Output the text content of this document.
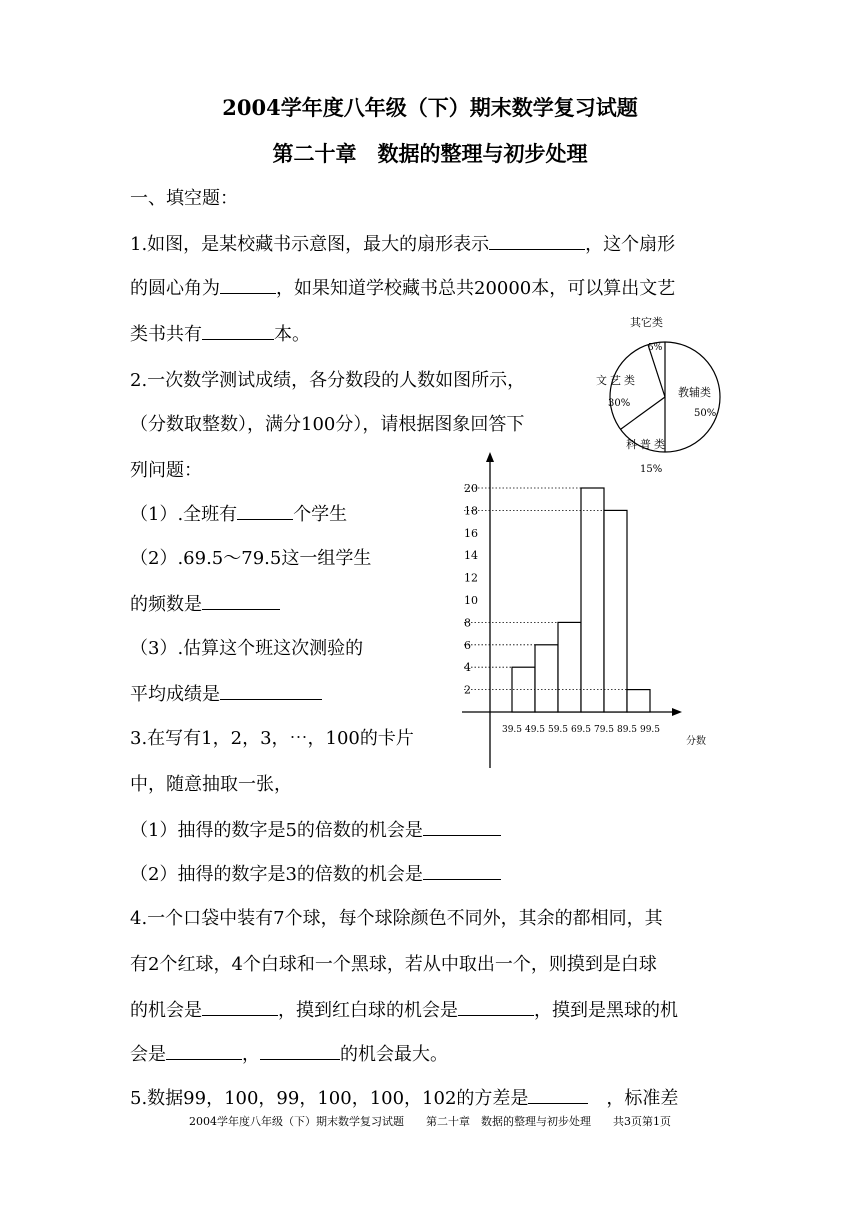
2004学年度八年级（下）期末数学复习试题
第二十章　数据的整理与初步处理
一、填空题：
1.如图，是某校藏书示意图，最大的扇形表示	，这个扇形
的圆心角为	，如果知道学校藏书总共20000本，可以算出文艺
类书共有	本。
2.一次数学测试成绩，各分数段的人数如图所示，
（分数取整数），满分100分），请根据图象回答下
列问题：
（1）.全班有	个学生
（2）.69.5～79.5这一组学生
的频数是
（3）.估算这个班这次测验的
平均成绩是
3.在写有1，2，3，⋯，100的卡片
中，随意抽取一张，
（1）抽得的数字是5的倍数的机会是
（2）抽得的数字是3的倍数的机会是
4.一个口袋中装有7个球，每个球除颜色不同外，其余的都相同，其
有2个红球，4个白球和一个黑球，若从中取出一个，则摸到是白球
的机会是	，摸到红白球的机会是	，摸到是黑球的机
会是	，	的机会最大。
5.数据99，100，99，100，100，102的方差是	　，标准差
2004学年度八年级（下）期末数学复习试题　　第二十章　数据的整理与初步处理　　共3页第1页
其它类
5%
文艺类
30%
科普类
15%
教辅类
50%
2
4
6
8
10
12
14
16
18
20
39.5 49.5 59.5 69.5 79.5 89.5 99.5
分数
